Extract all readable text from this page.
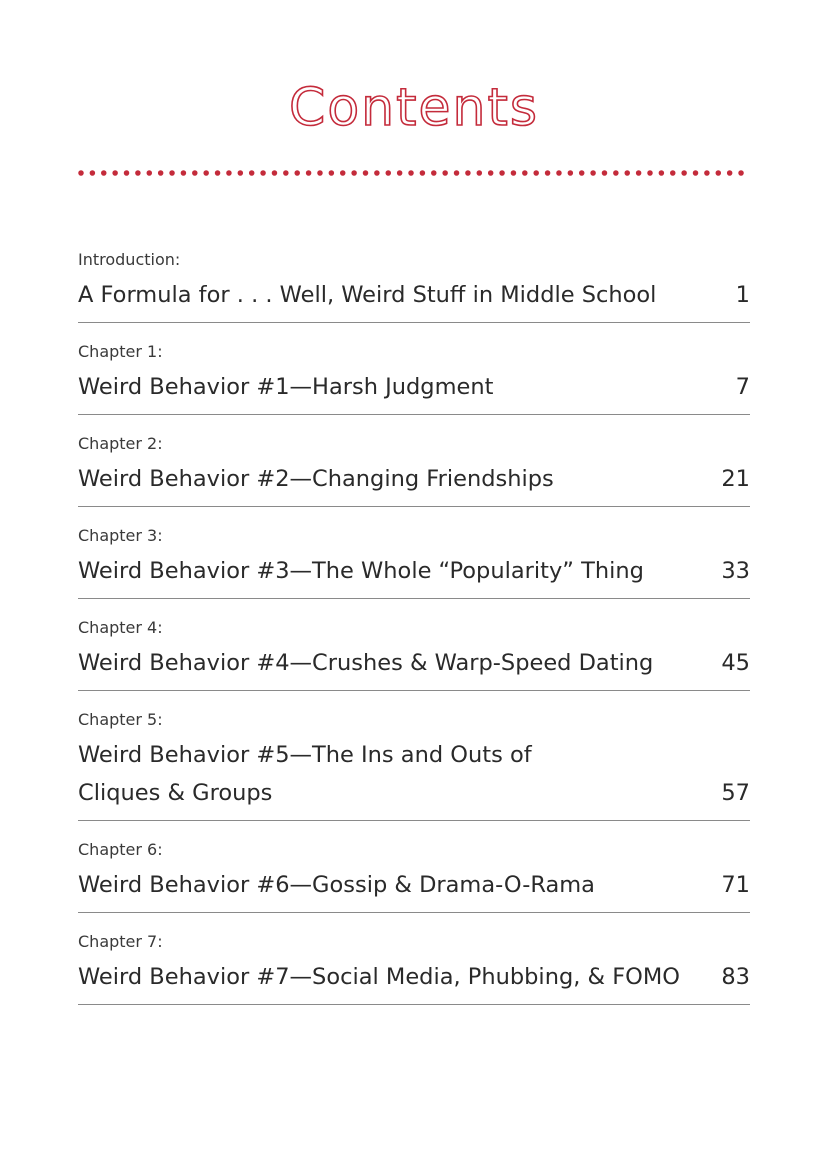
Contents
Introduction:
A Formula for . . . Well, Weird Stuff in Middle School	1
Chapter 1:
Weird Behavior #1—Harsh Judgment	7
Chapter 2:
Weird Behavior #2—Changing Friendships	21
Chapter 3:
Weird Behavior #3—The Whole “Popularity” Thing	33
Chapter 4:
Weird Behavior #4—Crushes & Warp-Speed Dating	45
Chapter 5:
Weird Behavior #5—The Ins and Outs of
Cliques & Groups	57
Chapter 6:
Weird Behavior #6—Gossip & Drama-O-Rama	71
Chapter 7:
Weird Behavior #7—Social Media, Phubbing, & FOMO	83
